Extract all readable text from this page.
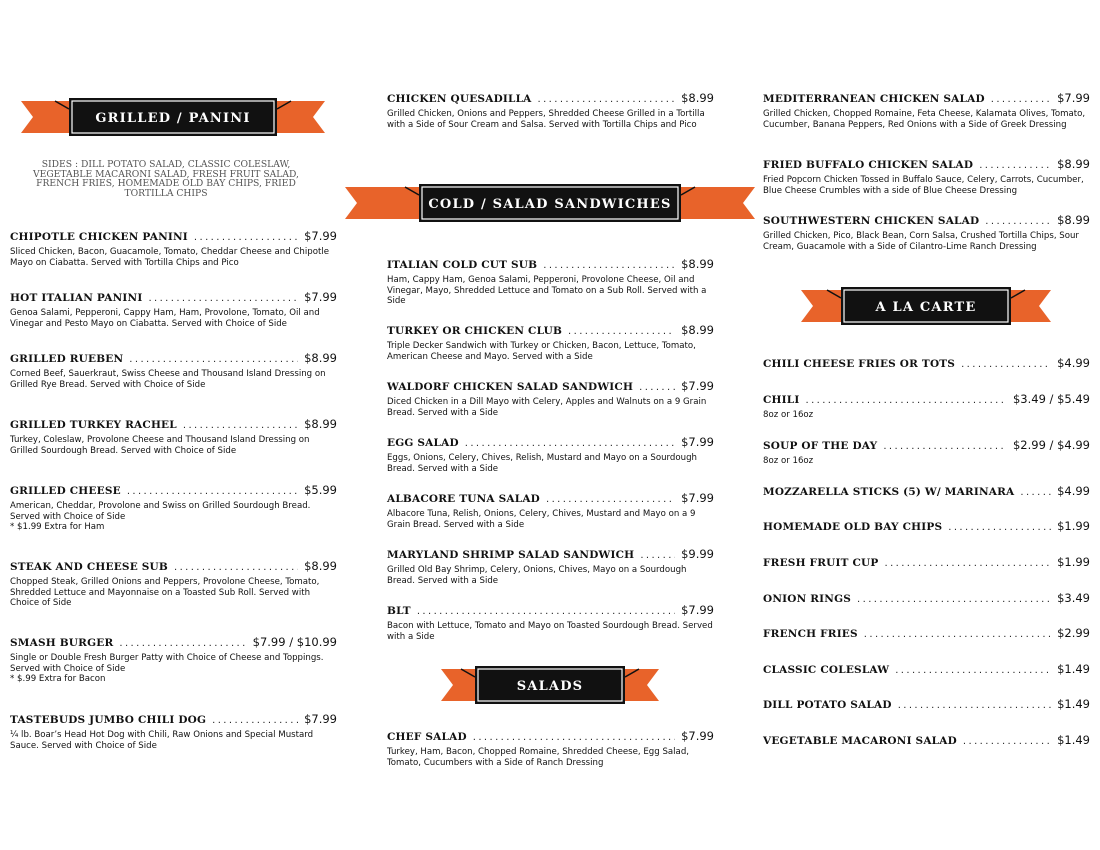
CHIPOTLE CHICKEN PANINI .....	$7.99
Sliced Chicken, Bacon, Guacamole, Tomato, Cheddar Cheese and Chipotle Mayo on Ciabatta. Served with Tortilla Chips and Pico
HOT ITALIAN PANINI .....	$7.99
Genoa Salami, Pepperoni, Cappy Ham, Ham, Provolone, Tomato, Oil and Vinegar and Pesto Mayo on Ciabatta. Served with Choice of Side
GRILLED RUEBEN .....	$8.99
Corned Beef, Sauerkraut, Swiss Cheese and Thousand Island Dressing on Grilled Rye Bread. Served with Choice of Side
GRILLED TURKEY RACHEL .....	$8.99
Turkey, Coleslaw, Provolone Cheese and Thousand Island Dressing on Grilled Sourdough Bread. Served with Choice of Side
GRILLED CHEESE .....	$5.99
American, Cheddar, Provolone and Swiss on Grilled Sourdough Bread. Served with Choice of Side
* $1.99 Extra for Ham
STEAK AND CHEESE SUB .....	$8.99
Chopped Steak, Grilled Onions and Peppers, Provolone Cheese, Tomato, Shredded Lettuce and Mayonnaise on a Toasted Sub Roll. Served with Choice of Side
SMASH BURGER .....	$7.99 / $10.99
Single or Double Fresh Burger Patty with Choice of Cheese and Toppings. Served with Choice of Side
* $.99 Extra for Bacon
TASTEBUDS JUMBO CHILI DOG .....	$7.99
¼ lb. Boar’s Head Hot Dog with Chili, Raw Onions and Special Mustard Sauce. Served with Choice of Side
CHICKEN QUESADILLA .....	$8.99
Grilled Chicken, Onions and Peppers, Shredded Cheese Grilled in a Tortilla with a Side of Sour Cream and Salsa. Served with Tortilla Chips and Pico
ITALIAN COLD CUT SUB .....	$8.99
Ham, Cappy Ham, Genoa Salami, Pepperoni, Provolone Cheese, Oil and Vinegar, Mayo, Shredded Lettuce and Tomato on a Sub Roll. Served with a Side
TURKEY OR CHICKEN CLUB .....	$8.99
Triple Decker Sandwich with Turkey or Chicken, Bacon, Lettuce, Tomato, American Cheese and Mayo. Served with a Side
WALDORF CHICKEN SALAD SANDWICH .....	$7.99
Diced Chicken in a Dill Mayo with Celery, Apples and Walnuts on a 9 Grain Bread. Served with a Side
EGG SALAD .....	$7.99
Eggs, Onions, Celery, Chives, Relish, Mustard and Mayo on a Sourdough Bread. Served with a Side
ALBACORE TUNA SALAD .....	$7.99
Albacore Tuna, Relish, Onions, Celery, Chives, Mustard and Mayo on a 9 Grain Bread. Served with a Side
MARYLAND SHRIMP SALAD SANDWICH .....	$9.99
Grilled Old Bay Shrimp, Celery, Onions, Chives, Mayo on a Sourdough Bread. Served with a Side
BLT .....	$7.99
Bacon with Lettuce, Tomato and Mayo on Toasted Sourdough Bread. Served with a Side
CHEF SALAD .....	$7.99
Turkey, Ham, Bacon, Chopped Romaine, Shredded Cheese, Egg Salad, Tomato, Cucumbers with a Side of Ranch Dressing
MEDITERRANEAN CHICKEN SALAD .....	$7.99
Grilled Chicken, Chopped Romaine, Feta Cheese, Kalamata Olives, Tomato, Cucumber, Banana Peppers, Red Onions with a Side of Greek Dressing
FRIED BUFFALO CHICKEN SALAD .....	$8.99
Fried Popcorn Chicken Tossed in Buffalo Sauce, Celery, Carrots, Cucumber, Blue Cheese Crumbles with a side of Blue Cheese Dressing
SOUTHWESTERN CHICKEN SALAD .....	$8.99
Grilled Chicken, Pico, Black Bean, Corn Salsa, Crushed Tortilla Chips, Sour Cream, Guacamole with a Side of Cilantro-Lime Ranch Dressing
CHILI CHEESE FRIES OR TOTS .....	$4.99
CHILI .....	$3.49 / $5.49
8oz or 16oz
SOUP OF THE DAY .....	$2.99 / $4.99
8oz or 16oz
MOZZARELLA STICKS (5) W/ MARINARA .....	$4.99
HOMEMADE OLD BAY CHIPS .....	$1.99
FRESH FRUIT CUP .....	$1.99
ONION RINGS .....	$3.49
FRENCH FRIES .....	$2.99
CLASSIC COLESLAW .....	$1.49
DILL POTATO SALAD .....	$1.49
VEGETABLE MACARONI SALAD .....	$1.49
GRILLED / PANINI
SIDES : DILL POTATO SALAD, CLASSIC COLESLAW, VEGETABLE MACARONI SALAD, FRESH FRUIT SALAD, FRENCH FRIES, HOMEMADE OLD BAY CHIPS, FRIED TORTILLA CHIPS
COLD / SALAD SANDWICHES
SALADS
A LA CARTE
